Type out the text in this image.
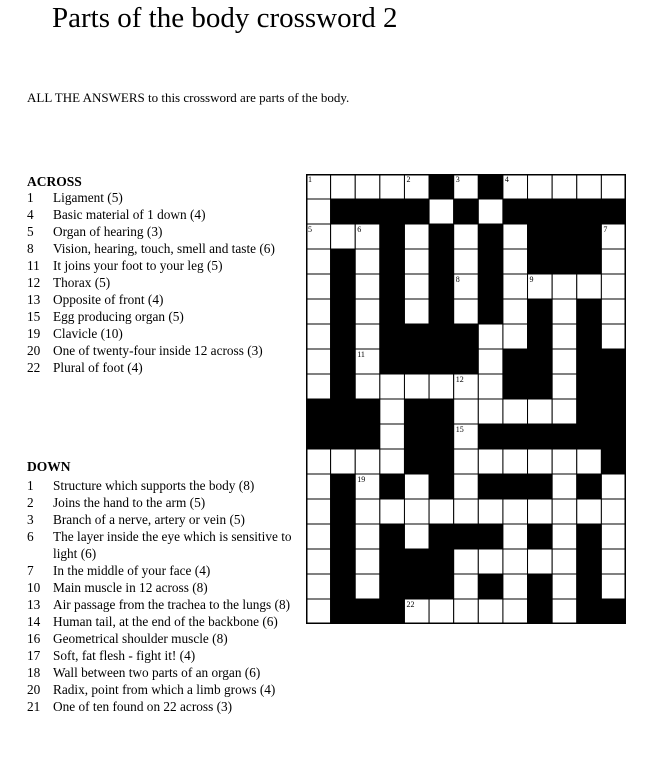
Parts of the body crossword 2
ALL THE ANSWERS to this crossword are parts of the body.
ACROSS
1	Ligament (5)
4	Basic material of 1 down (4)
5	Organ of hearing (3)
8	Vision, hearing, touch, smell and taste (6)
11 It joins your foot to your leg (5)
12 Thorax (5)
13 Opposite of front (4)
15 Egg producing organ (5)
19 Clavicle (10)
20 One of twenty-four inside 12 across (3)
22 Plural of foot (4)
DOWN
1	Structure which supports the body (8)
2	Joins the hand to the arm (5)
3	Branch of a nerve, artery or vein (5)
6	The layer inside the eye which is sensitive to light (6)
7	In the middle of your face (4)
10 Main muscle in 12 across (8)
13 Air passage from the trachea to the lungs (8)
14 Human tail, at the end of the backbone (6)
16 Geometrical shoulder muscle (8)
17 Soft, fat flesh - fight it! (4)
18 Wall between two parts of an organ (6)
20 Radix, point from which a limb grows (4)
21 One of ten found on 22 across (3)
1	2	3	4
5	6	7
8	9
10
11
12
13	14	15	16
17	18
19
20
21
22
